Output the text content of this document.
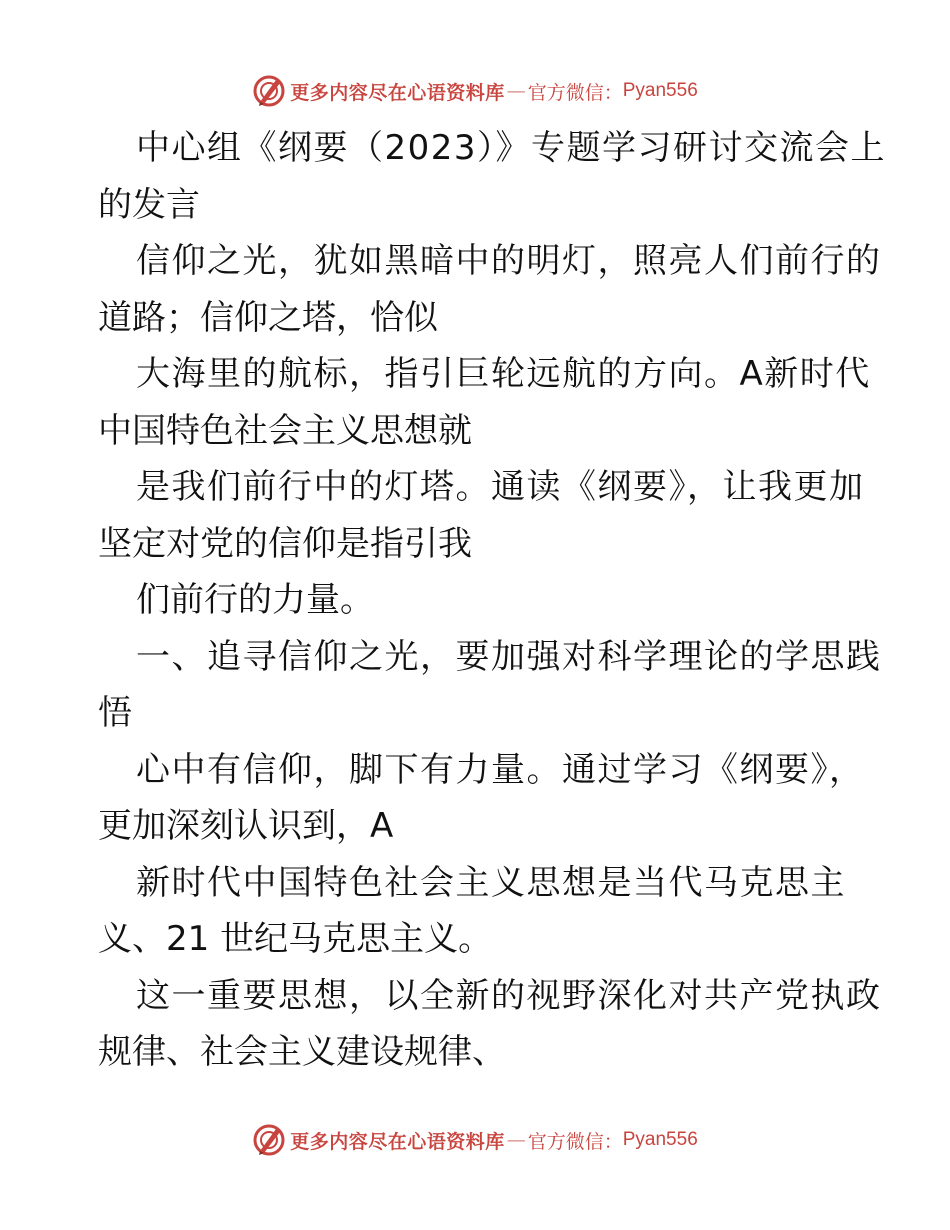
更多内容尽在心语资料库 — 官方微信： Pyan556
中心组《纲要（2023）》专题学习研讨交流会上
的发言
信仰之光，犹如黑暗中的明灯，照亮人们前行的
道路；信仰之塔，恰似
大海里的航标，指引巨轮远航的方向。A新时代
中国特色社会主义思想就
是我们前行中的灯塔。通读《纲要》，让我更加
坚定对党的信仰是指引我
们前行的力量。
一、追寻信仰之光，要加强对科学理论的学思践
悟
心中有信仰，脚下有力量。通过学习《纲要》，
更加深刻认识到，A
新时代中国特色社会主义思想是当代马克思主
义、21 世纪马克思主义。
这一重要思想，以全新的视野深化对共产党执政
规律、社会主义建设规律、
更多内容尽在心语资料库 — 官方微信： Pyan556
